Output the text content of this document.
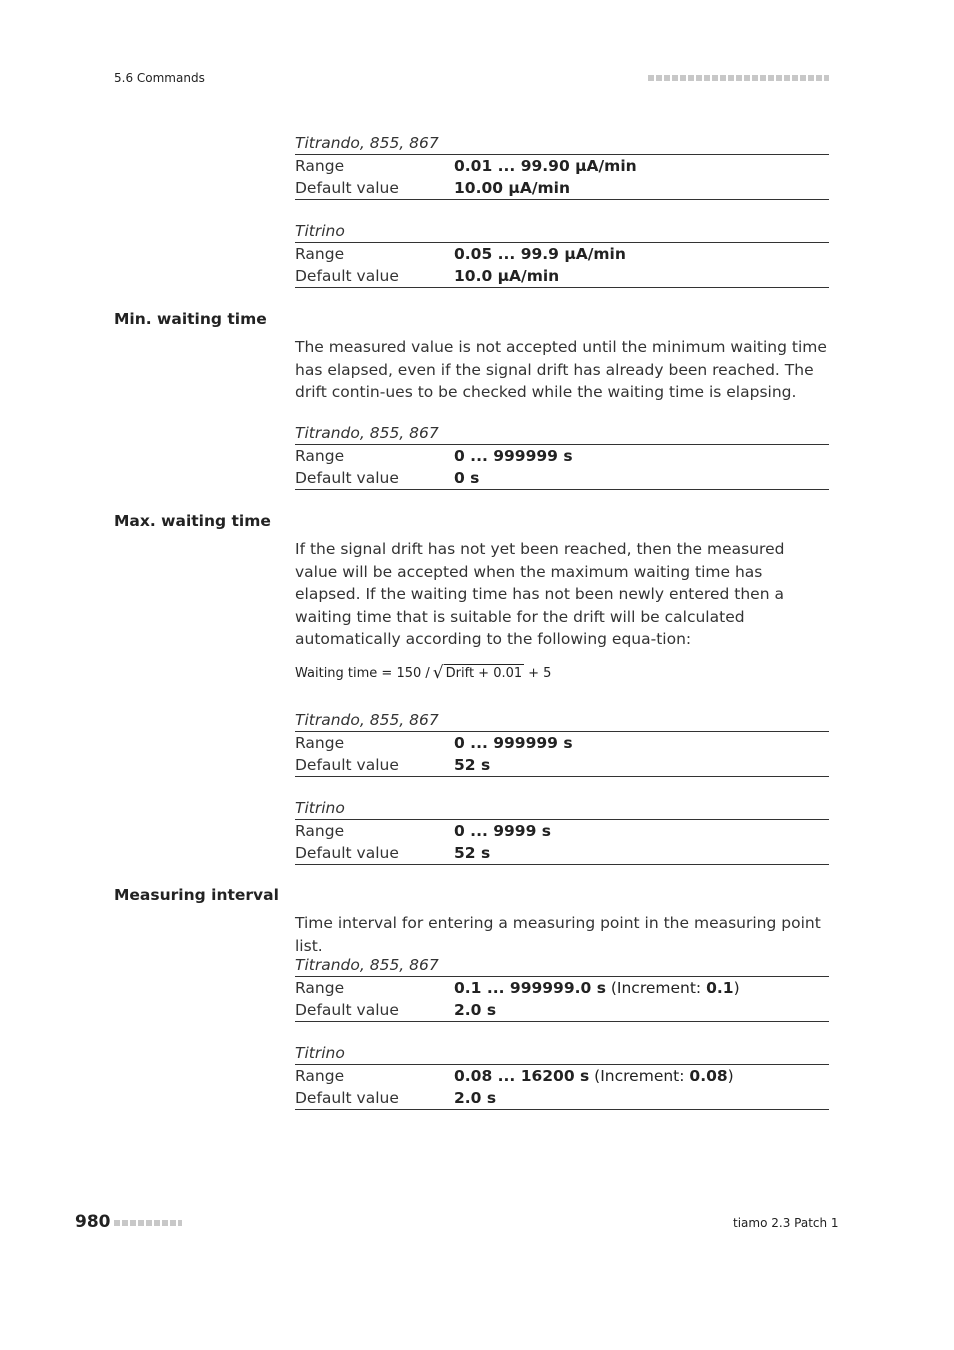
5.6 Commands
Titrando, 855, 867
Range	0.01 ... 99.90 µA/min
Default value	10.00 µA/min
Titrino
Range	0.05 ... 99.9 µA/min
Default value	10.0 µA/min
Min. waiting time

The measured value is not accepted until the minimum waiting time has elapsed, even if the signal drift has already been reached. The drift contin-ues to be checked while the waiting time is elapsing.

Titrando, 855, 867
Range	0 ... 999999 s
Default value	0 s
Max. waiting time

If the signal drift has not yet been reached, then the measured value will be accepted when the maximum waiting time has elapsed. If the waiting time has not been newly entered then a waiting time that is suitable for the drift will be calculated automatically according to the following equa-tion:

Waiting time = 150 / √ Drift + 0.01 + 5
Titrando, 855, 867
Range	0 ... 999999 s
Default value	52 s
Titrino
Range	0 ... 9999 s
Default value	52 s
Measuring interval

Time interval for entering a measuring point in the measuring point list.

Titrando, 855, 867
Range	0.1 ... 999999.0 s (Increment: 0.1)
Default value	2.0 s
Titrino
Range	0.08 ... 16200 s (Increment: 0.08)
Default value	2.0 s
980	tiamo 2.3 Patch 1
